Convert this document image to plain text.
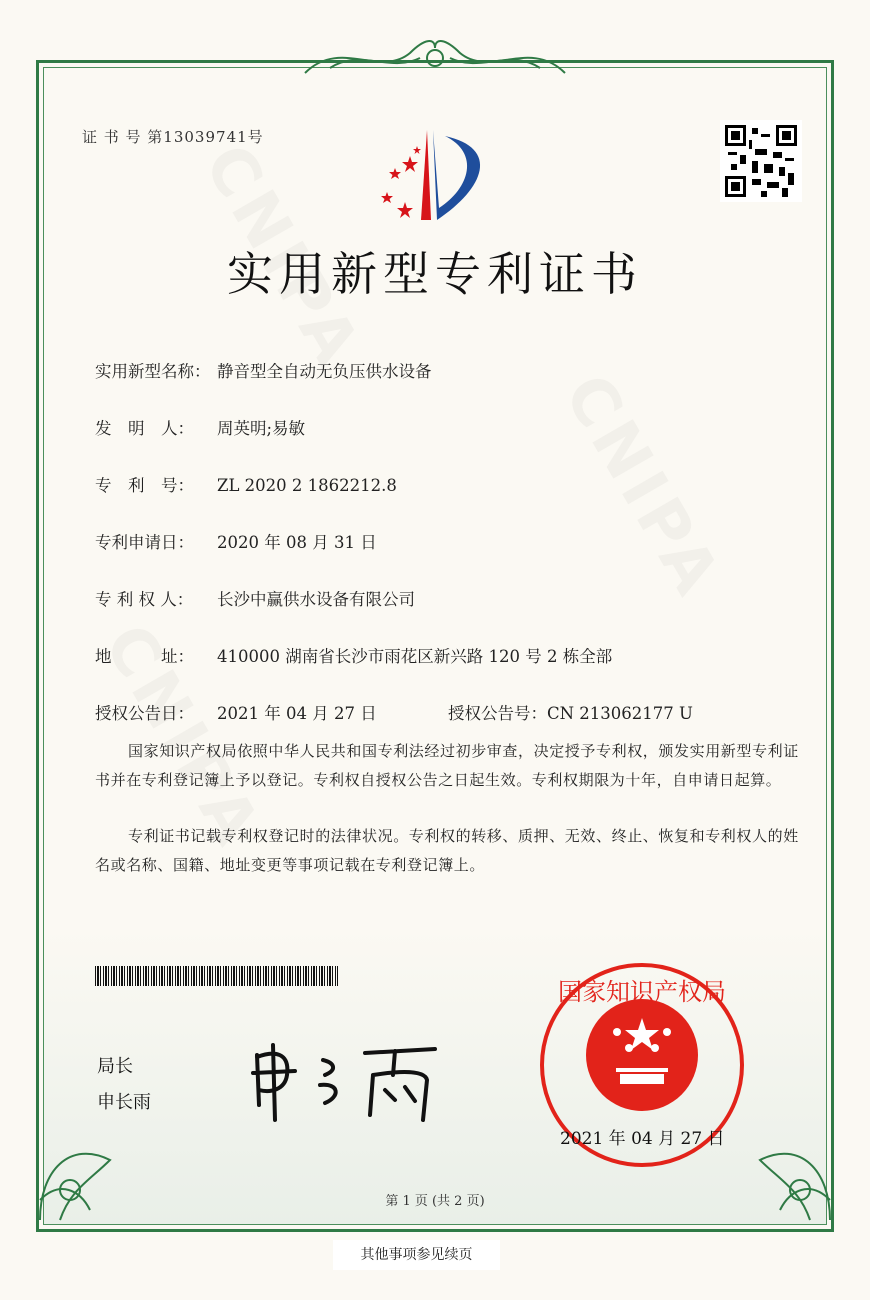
证 书 号 第13039741号
实用新型专利证书
实用新型名称： 静音型全自动无负压供水设备
发　明　人： 周英明;易敏
专　利　号： ZL 2020 2 1862212.8
专利申请日： 2020 年 08 月 31 日
专 利 权 人： 长沙中赢供水设备有限公司
地　　　址： 410000 湖南省长沙市雨花区新兴路 120 号 2 栋全部
授权公告日： 2021 年 04 月 27 日	授权公告号：CN 213062177 U
国家知识产权局依照中华人民共和国专利法经过初步审查，决定授予专利权，颁发实用新型专利证书并在专利登记簿上予以登记。专利权自授权公告之日起生效。专利权期限为十年，自申请日起算。
专利证书记载专利权登记时的法律状况。专利权的转移、质押、无效、终止、恢复和专利权人的姓名或名称、国籍、地址变更等事项记载在专利登记簿上。
局长
申长雨
国家知识产权局
2021 年 04 月 27 日
第 1 页 (共 2 页)
其他事项参见续页
